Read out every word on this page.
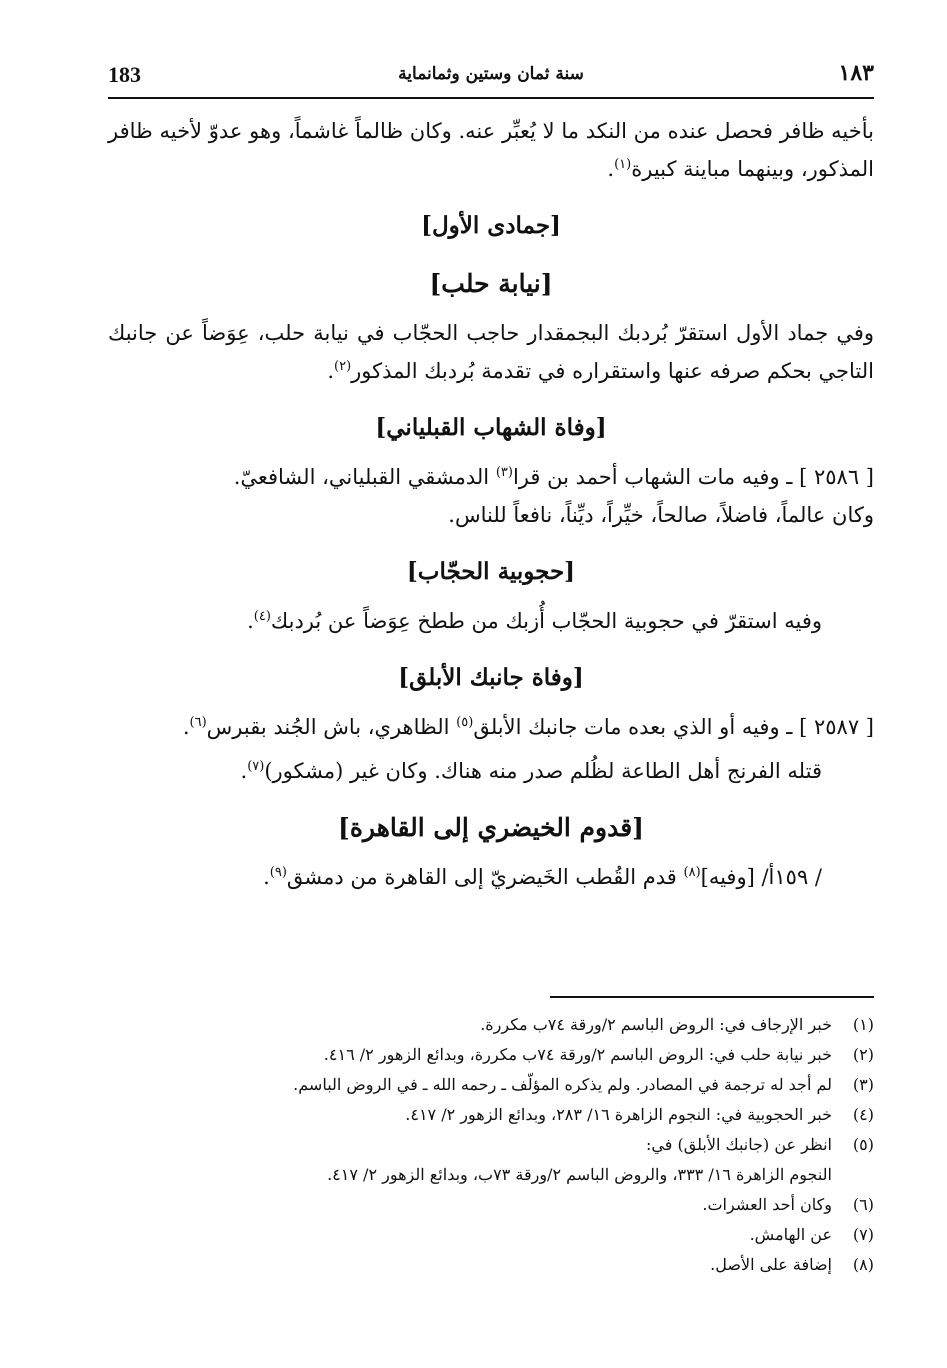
183	سنة ثمان وستين وثمانماية	١٨٣

بأخيه ظافر فحصل عنده من النكد ما لا يُعبِّر عنه. وكان ظالماً غاشماً، وهو عدوّ لأخيه ظافر المذكور، وبينهما مباينة كبيرة$^{(١)}$.

[جمادى الأول]
[نيابة حلب]

وفي جماد الأول استقرّ بُردبك البجمقدار حاجب الحجّاب في نيابة حلب، عِوَضاً عن جانبك التاجي بحكم صرفه عنها واستقراره في تقدمة بُردبك المذكور$^{(٢)}$.

[وفاة الشهاب القبلياني]

[ ٢٥٨٦ ] ـ وفيه مات الشهاب أحمد بن قرا$^{(٣)}$ الدمشقي القبلياني، الشافعيّ.

وكان عالماً، فاضلاً، صالحاً، خيِّراً، ديِّناً، نافعاً للناس.

[حجوبية الحجّاب]

وفيه استقرّ في حجوبية الحجّاب أُزبك من ططخ عِوَضاً عن بُردبك$^{(٤)}$.

[وفاة جانبك الأبلق]

[ ٢٥٨٧ ] ـ وفيه أو الذي بعده مات جانبك الأبلق$^{(٥)}$ الظاهري، باش الجُند بقبرس$^{(٦)}$.

قتله الفرنج أهل الطاعة لظُلم صدر منه هناك. وكان غير (مشكور)$^{(٧)}$.

[قدوم الخيضري إلى القاهرة]

/ ١٥٩أ/ [وفيه]$^{(٨)}$ قدم القُطب الخَيضريّ إلى القاهرة من دمشق$^{(٩)}$.

(١)
خبر الإرجاف في: الروض الباسم ٢/ورقة ٧٤ب مكررة.
(٢)
خبر نيابة حلب في: الروض الباسم ٢/ورقة ٧٤ب مكررة، وبدائع الزهور ٢/ ٤١٦.
(٣)
لم أجد له ترجمة في المصادر. ولم يذكره المؤلّف ـ رحمه الله ـ في الروض الباسم.
(٤)
خبر الحجوبية في: النجوم الزاهرة ١٦/ ٢٨٣، وبدائع الزهور ٢/ ٤١٧.
(٥)
انظر عن (جانبك الأبلق) في:
النجوم الزاهرة ١٦/ ٣٣٣، والروض الباسم ٢/ورقة ٧٣ب، وبدائع الزهور ٢/ ٤١٧.
(٦)
وكان أحد العشرات.
(٧)
عن الهامش.
(٨)
إضافة على الأصل.
